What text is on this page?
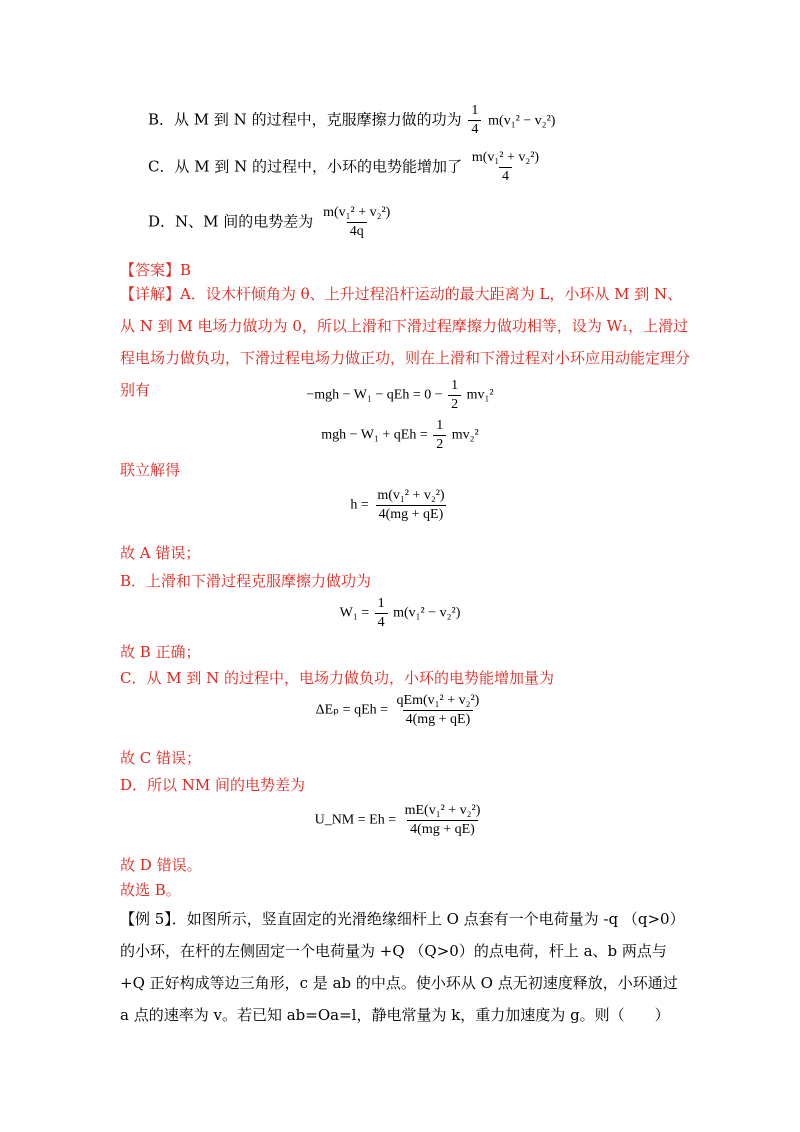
B．从 M 到 N 的过程中，克服摩擦力做的功为 $\frac{1}{4} m(v_1^2 - v_2^2)$
C．从 M 到 N 的过程中，小环的电势能增加了 $\frac{\text{m(v₁² + v₂²)}}{4}$
D．N、M 间的电势差为 $\frac{\text{m(v₁² + v₂²)}}{4q}$
【答案】B
【详解】A．设木杆倾角为 θ、上升过程沿杆运动的最大距离为 L，小环从 M 到 N、从 N 到 M 电场力做功为 0，所以上滑和下滑过程摩擦力做功相等，设为 W₁，上滑过程电场力做负功，下滑过程电场力做正功，则在上滑和下滑过程对小环应用动能定理分别有	−mgh − W₁ − qEh = $0 - \frac{1}{2} mv_1^2$
mgh − W₁ + qEh = $\frac{1}{2} mv_2^2$
联立解得
$h = \frac{\text{m(v₁² + v₂²)}}{4(mg + qE)}$
故 A 错误；
B．上滑和下滑过程克服摩擦力做功为
$W_1 = \frac{1}{4} m(v_1^2 - v_2^2)$
故 B 正确；
C．从 M 到 N 的过程中，电场力做负功，小环的电势能增加量为
ΔEₚ = qEh = $\frac{\text{qEm(v₁² + v₂²)}}{4(mg + qE)}$
故 C 错误；
D．所以 NM 间的电势差为
U_NM = $Eh = \frac{\text{mE(v₁² + v₂²)}}{4(mg + qE)}$
故 D 错误。
故选 B。
【例 5】．如图所示，竖直固定的光滑绝缘细杆上 O 点套有一个电荷量为 -q （q>0）的小环，在杆的左侧固定一个电荷量为 +Q （Q>0）的点电荷，杆上 a、b 两点与 +Q 正好构成等边三角形，c 是 ab 的中点。使小环从 O 点无初速度释放，小环通过 a 点的速率为 v。若已知 ab=Oa=l，静电常量为 k，重力加速度为 g。则（　　）
